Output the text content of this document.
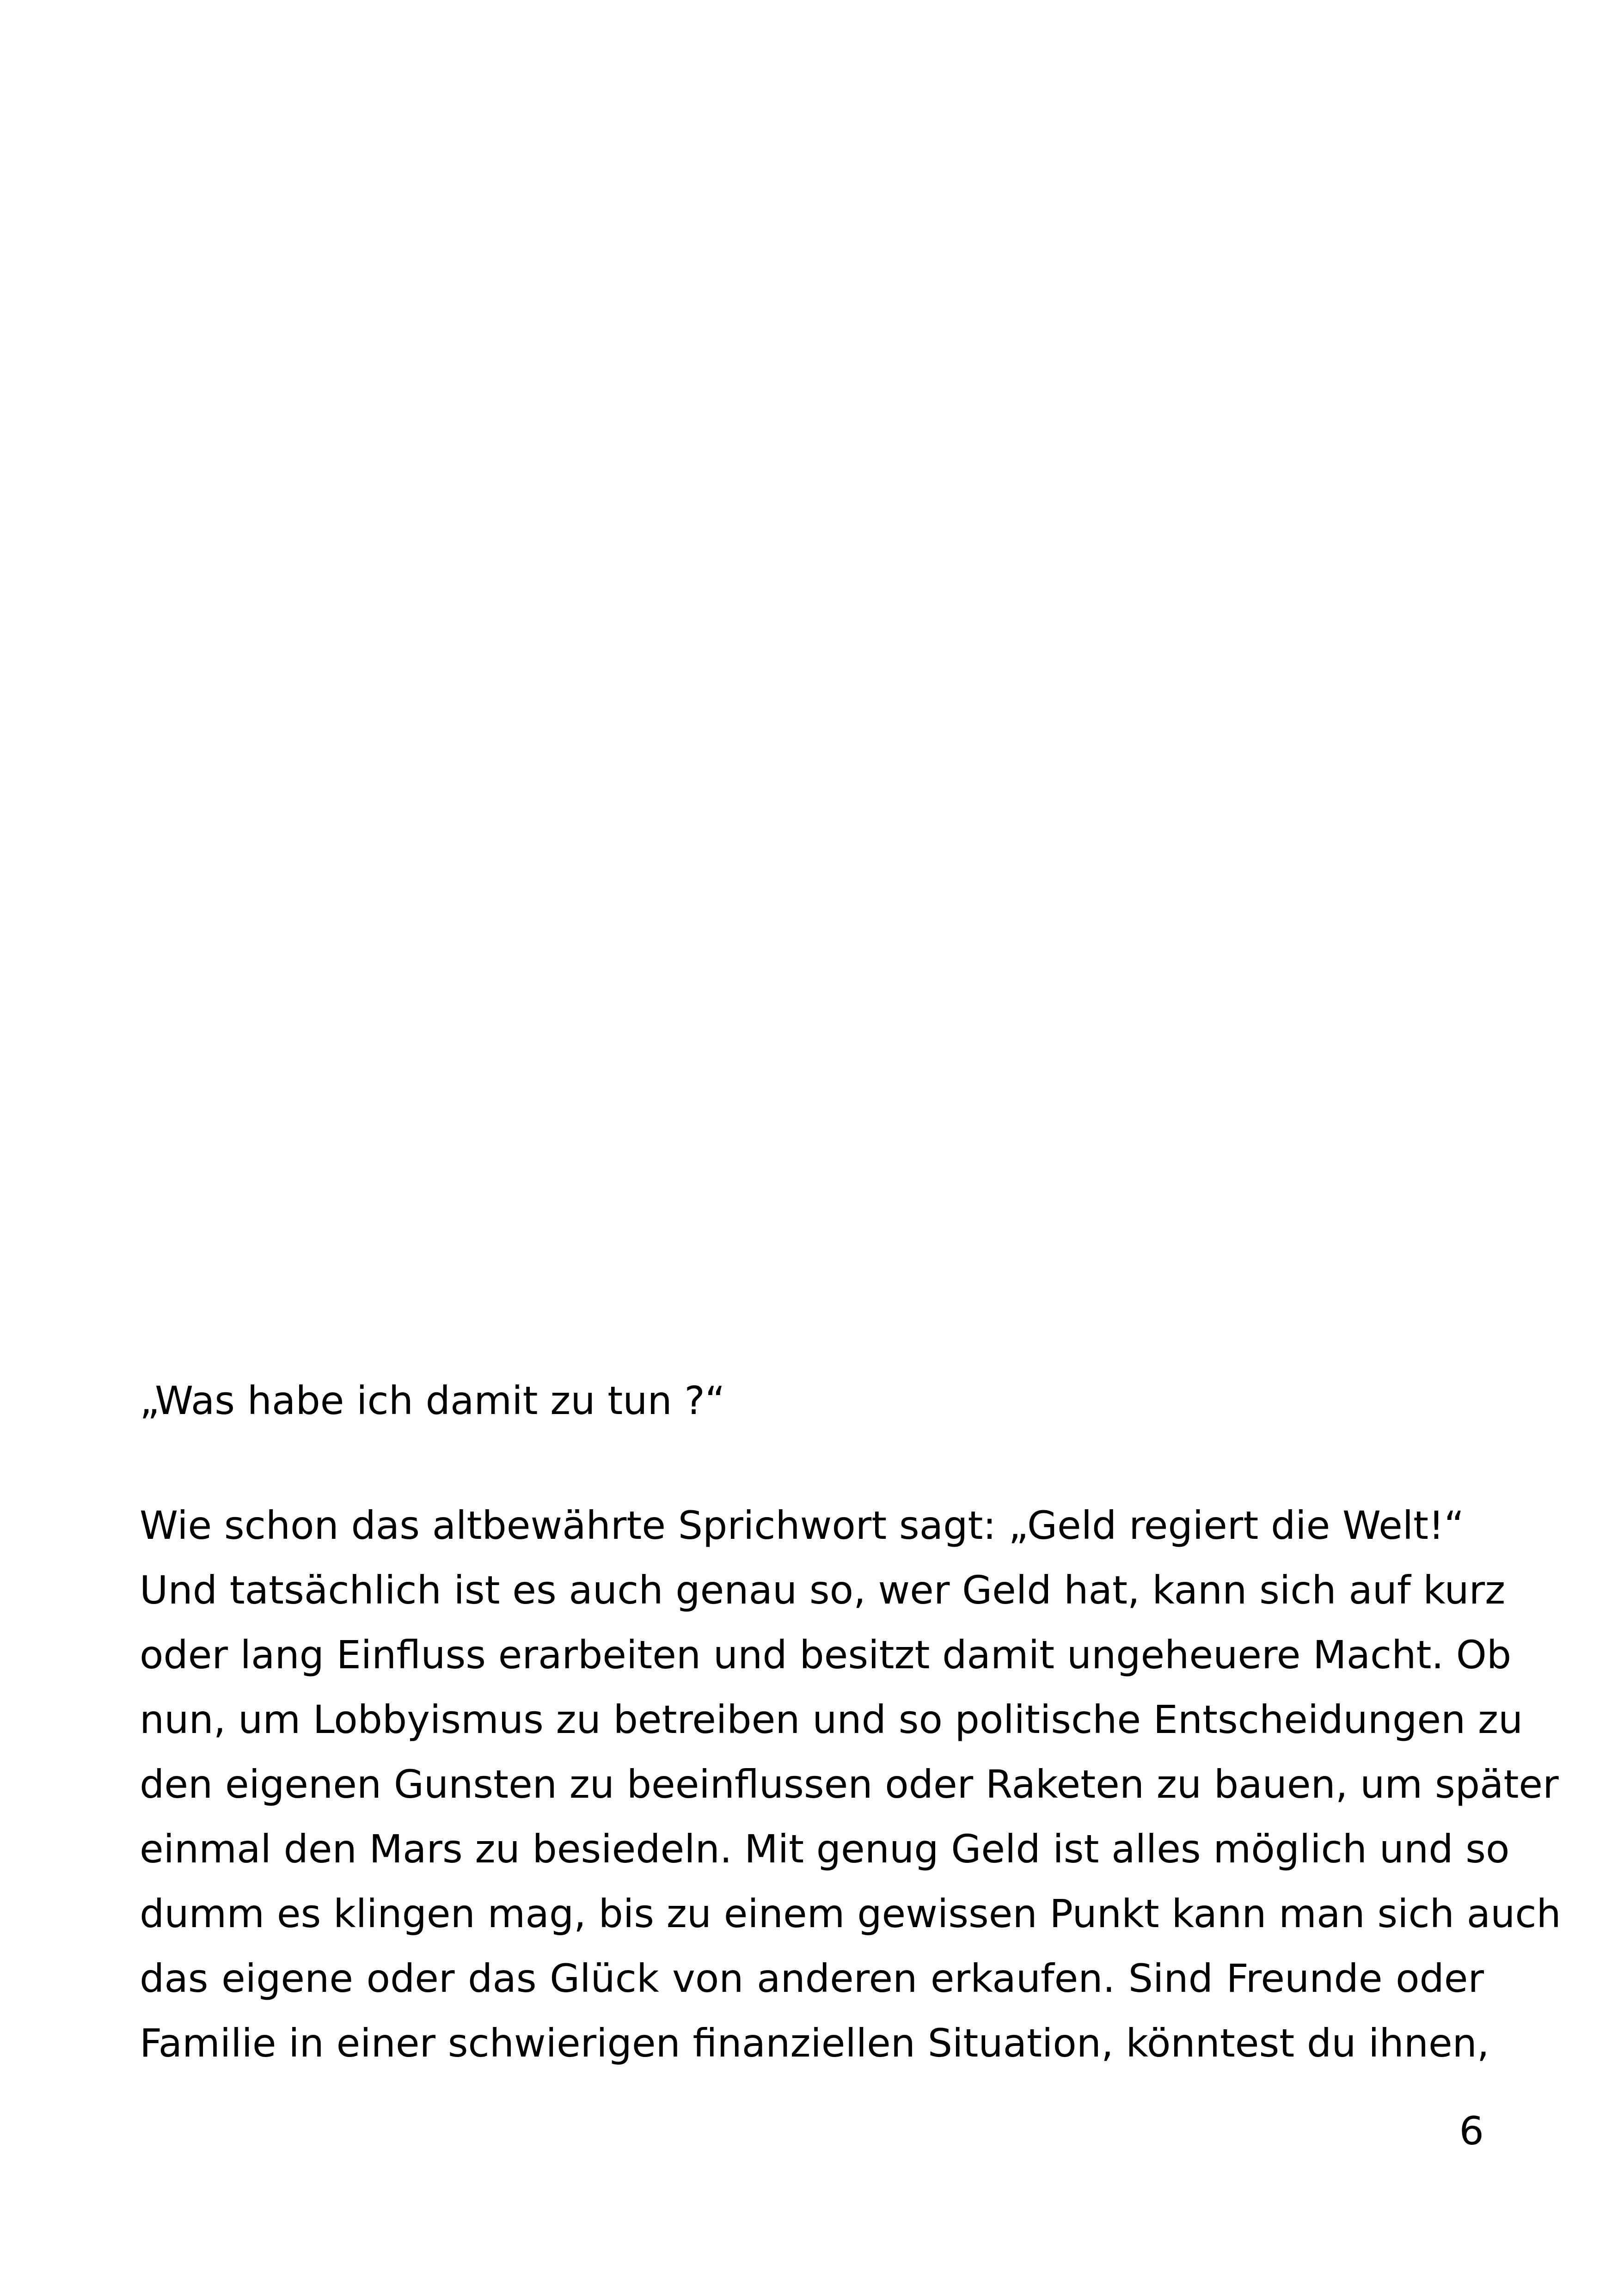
„Was habe ich damit zu tun ?“
Wie schon das altbewährte Sprichwort sagt: „Geld regiert die Welt!“
Und tatsächlich ist es auch genau so, wer Geld hat, kann sich auf kurz
oder lang Einfluss erarbeiten und besitzt damit ungeheuere Macht. Ob
nun, um Lobbyismus zu betreiben und so politische Entscheidungen zu
den eigenen Gunsten zu beeinflussen oder Raketen zu bauen, um später
einmal den Mars zu besiedeln. Mit genug Geld ist alles möglich und so
dumm es klingen mag, bis zu einem gewissen Punkt kann man sich auch
das eigene oder das Glück von anderen erkaufen. Sind Freunde oder
Familie in einer schwierigen finanziellen Situation, könntest du ihnen,
6
